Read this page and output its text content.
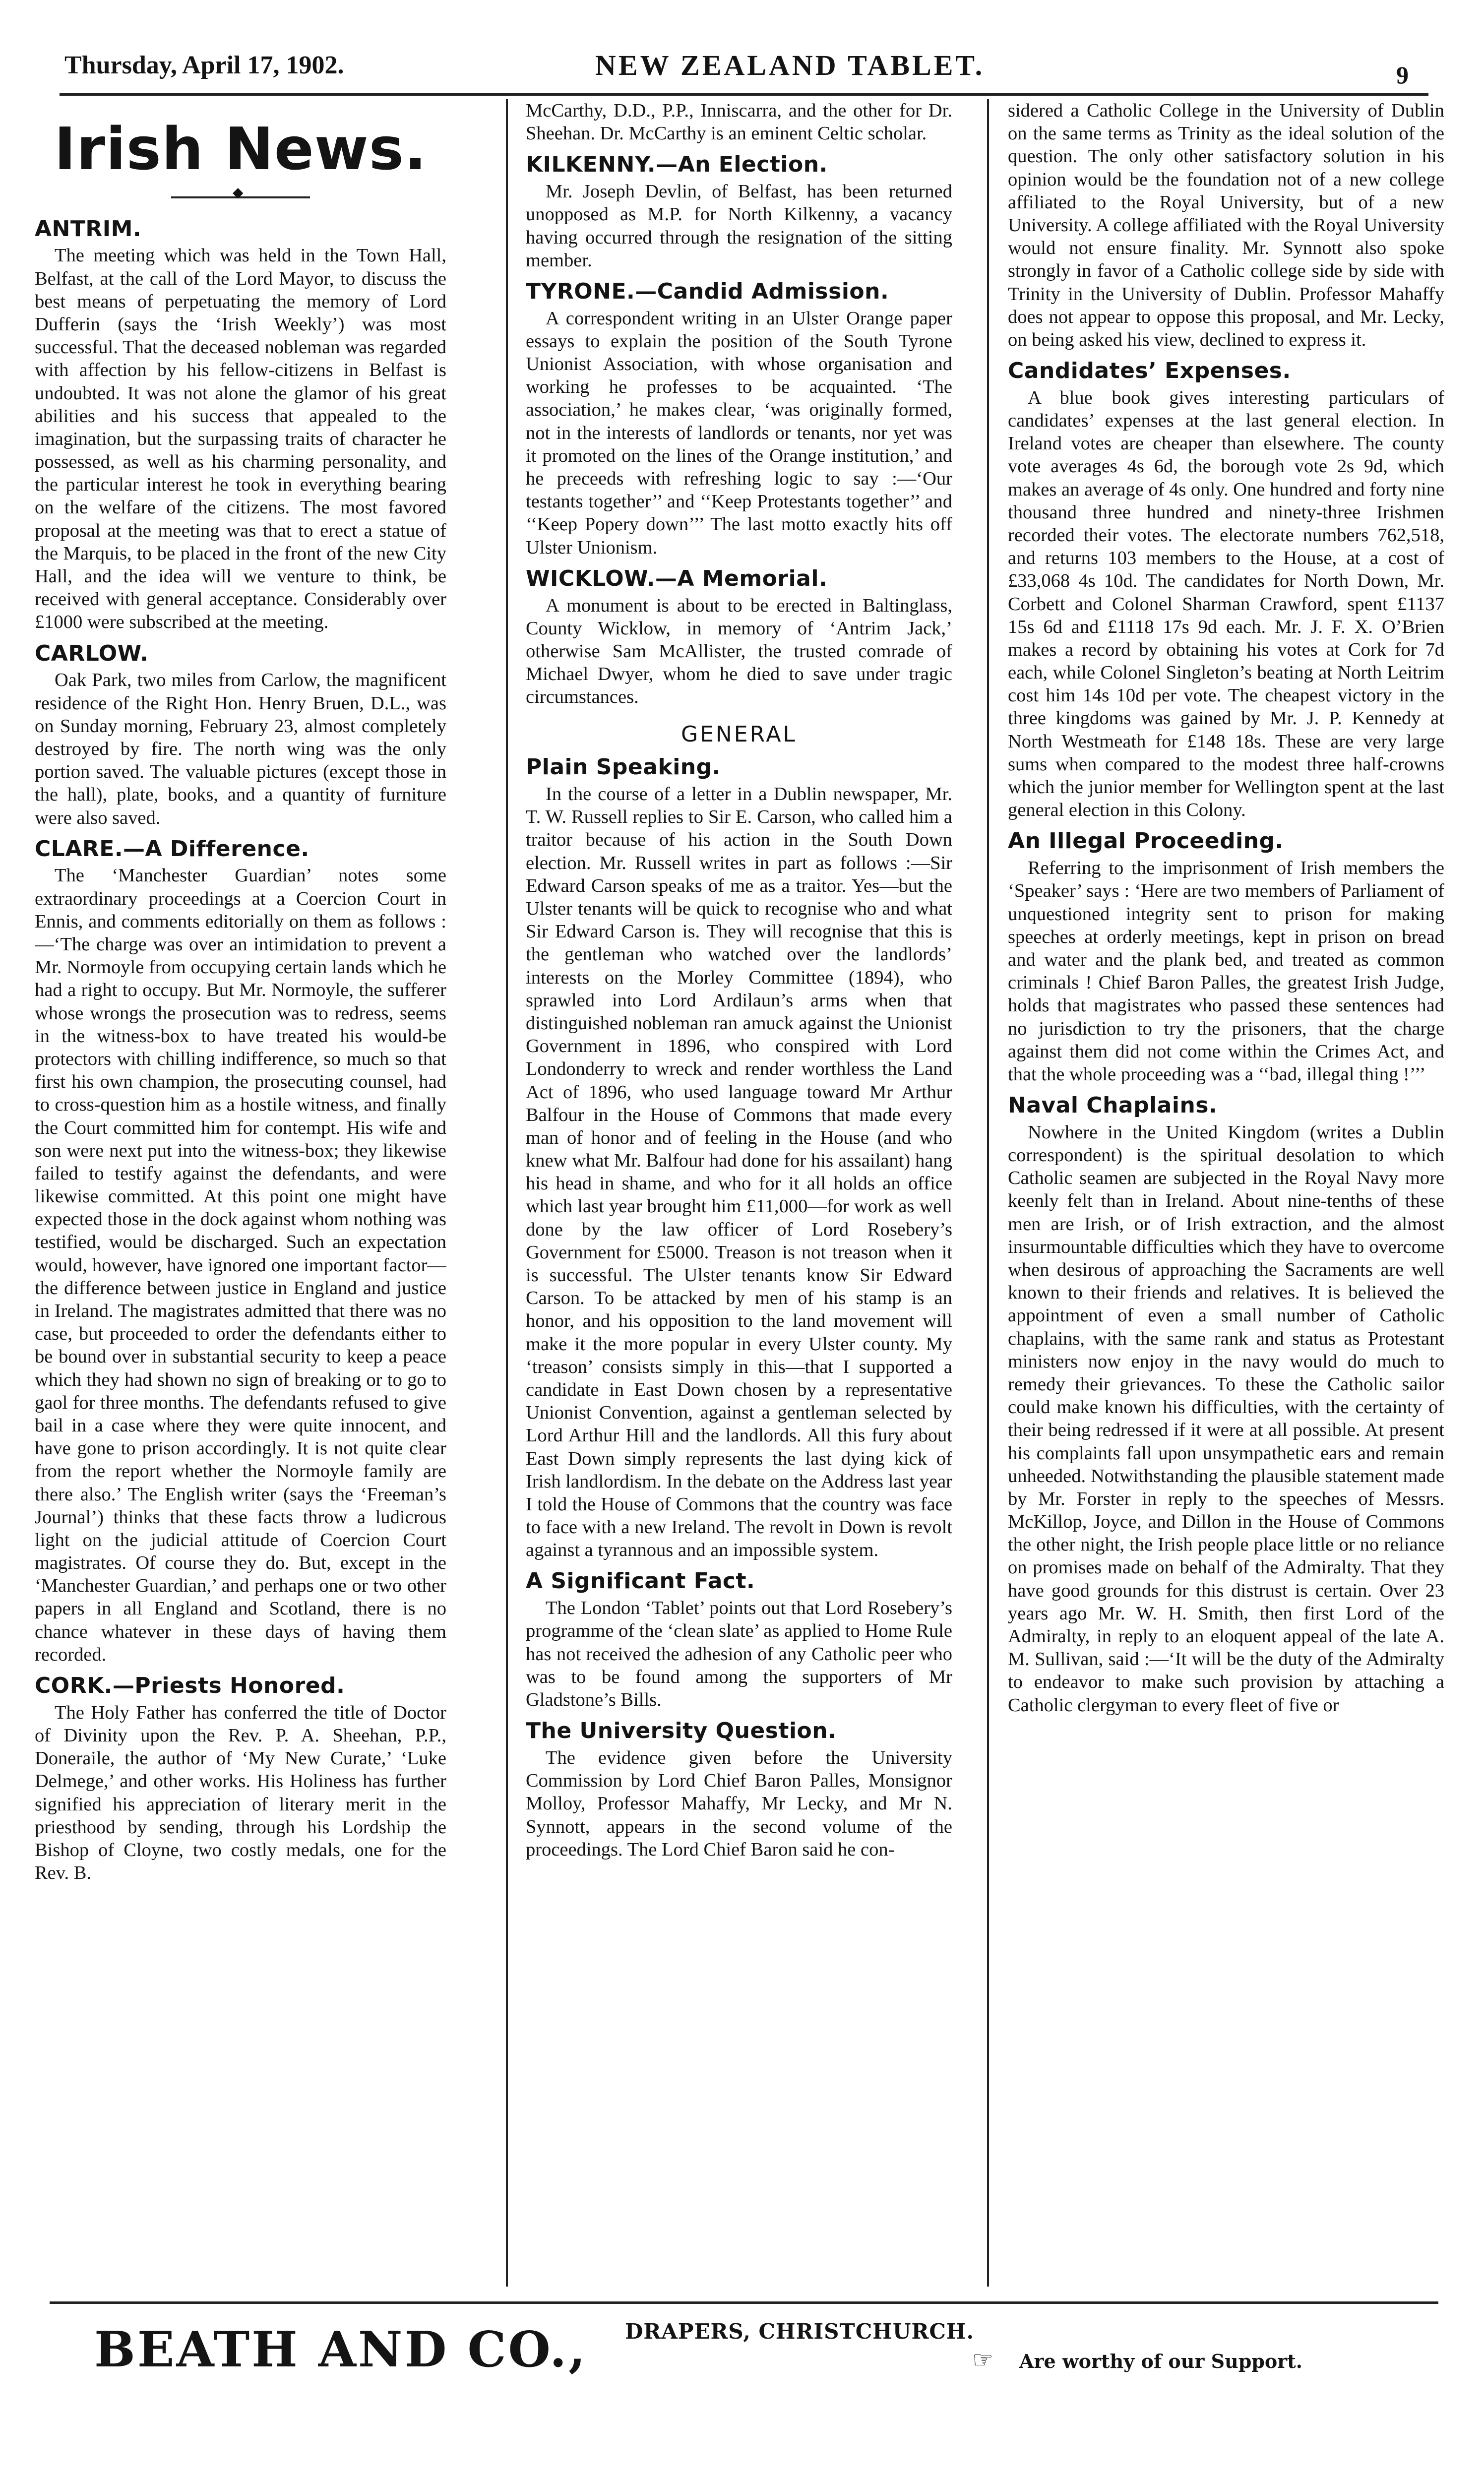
Thursday, April 17, 1902.	NEW ZEALAND TABLET.	9
Irish News.
◆
ANTRIM.

The meeting which was held in the Town Hall, Belfast, at the call of the Lord Mayor, to discuss the best means of perpetuating the memory of Lord Dufferin (says the ‘Irish Weekly’) was most successful. That the deceased nobleman was regarded with affection by his fellow-citizens in Belfast is undoubted. It was not alone the glamor of his great abilities and his success that appealed to the imagination, but the surpassing traits of character he possessed, as well as his charming personality, and the particular interest he took in everything bearing on the welfare of the citizens. The most favored proposal at the meeting was that to erect a statue of the Marquis, to be placed in the front of the new City Hall, and the idea will we venture to think, be received with general acceptance. Considerably over £1000 were subscribed at the meeting.

CARLOW.

Oak Park, two miles from Carlow, the magnificent residence of the Right Hon. Henry Bruen, D.L., was on Sunday morning, February 23, almost completely destroyed by fire. The north wing was the only portion saved. The valuable pictures (except those in the hall), plate, books, and a quantity of furniture were also saved.

CLARE.—A Difference.

The ‘Manchester Guardian’ notes some extraordinary proceedings at a Coercion Court in Ennis, and comments editorially on them as follows :—‘The charge was over an intimidation to prevent a Mr. Normoyle from occupying certain lands which he had a right to occupy. But Mr. Normoyle, the sufferer whose wrongs the prosecution was to redress, seems in the witness-box to have treated his would-be protectors with chilling indifference, so much so that first his own champion, the prosecuting counsel, had to cross-question him as a hostile witness, and finally the Court committed him for contempt. His wife and son were next put into the witness-box; they likewise failed to testify against the defendants, and were likewise committed. At this point one might have expected those in the dock against whom nothing was testified, would be discharged. Such an expectation would, however, have ignored one important factor—the difference between justice in England and justice in Ireland. The magistrates admitted that there was no case, but proceeded to order the defendants either to be bound over in substantial security to keep a peace which they had shown no sign of breaking or to go to gaol for three months. The defendants refused to give bail in a case where they were quite innocent, and have gone to prison accordingly. It is not quite clear from the report whether the Normoyle family are there also.’ The English writer (says the ‘Freeman’s Journal’) thinks that these facts throw a ludicrous light on the judicial attitude of Coercion Court magistrates. Of course they do. But, except in the ‘Manchester Guardian,’ and perhaps one or two other papers in all England and Scotland, there is no chance whatever in these days of having them recorded.

CORK.—Priests Honored.

The Holy Father has conferred the title of Doctor of Divinity upon the Rev. P. A. Sheehan, P.P., Doneraile, the author of ‘My New Curate,’ ‘Luke Delmege,’ and other works. His Holiness has further signified his appreciation of literary merit in the priesthood by sending, through his Lordship the Bishop of Cloyne, two costly medals, one for the Rev. B.

McCarthy, D.D., P.P., Inniscarra, and the other for Dr. Sheehan. Dr. McCarthy is an eminent Celtic scholar.

KILKENNY.—An Election.

Mr. Joseph Devlin, of Belfast, has been returned unopposed as M.P. for North Kilkenny, a vacancy having occurred through the resignation of the sitting member.

TYRONE.—Candid Admission.

A correspondent writing in an Ulster Orange paper essays to explain the position of the South Tyrone Unionist Association, with whose organisation and working he professes to be acquainted. ‘The association,’ he makes clear, ‘was originally formed, not in the interests of landlords or tenants, nor yet was it promoted on the lines of the Orange institution,’ and he preceeds with refreshing logic to say :—‘Our testants together’’ and ‘‘Keep Protestants together’’ and ‘‘Keep Popery down’’’ The last motto exactly hits off Ulster Unionism.

WICKLOW.—A Memorial.

A monument is about to be erected in Baltinglass, County Wicklow, in memory of ‘Antrim Jack,’ otherwise Sam McAllister, the trusted comrade of Michael Dwyer, whom he died to save under tragic circumstances.

GENERAL
Plain Speaking.

In the course of a letter in a Dublin newspaper, Mr. T. W. Russell replies to Sir E. Carson, who called him a traitor because of his action in the South Down election. Mr. Russell writes in part as follows :—Sir Edward Carson speaks of me as a traitor. Yes—but the Ulster tenants will be quick to recognise who and what Sir Edward Carson is. They will recognise that this is the gentleman who watched over the landlords’ interests on the Morley Committee (1894), who sprawled into Lord Ardilaun’s arms when that distinguished nobleman ran amuck against the Unionist Government in 1896, who conspired with Lord Londonderry to wreck and render worthless the Land Act of 1896, who used language toward Mr Arthur Balfour in the House of Commons that made every man of honor and of feeling in the House (and who knew what Mr. Balfour had done for his assailant) hang his head in shame, and who for it all holds an office which last year brought him £11,000—for work as well done by the law officer of Lord Rosebery’s Government for £5000. Treason is not treason when it is successful. The Ulster tenants know Sir Edward Carson. To be attacked by men of his stamp is an honor, and his opposition to the land movement will make it the more popular in every Ulster county. My ‘treason’ consists simply in this—that I supported a candidate in East Down chosen by a representative Unionist Convention, against a gentleman selected by Lord Arthur Hill and the landlords. All this fury about East Down simply represents the last dying kick of Irish landlordism. In the debate on the Address last year I told the House of Commons that the country was face to face with a new Ireland. The revolt in Down is revolt against a tyrannous and an impossible system.

A Significant Fact.

The London ‘Tablet’ points out that Lord Rosebery’s programme of the ‘clean slate’ as applied to Home Rule has not received the adhesion of any Catholic peer who was to be found among the supporters of Mr Gladstone’s Bills.

The University Question.

The evidence given before the University Commission by Lord Chief Baron Palles, Monsignor Molloy, Professor Mahaffy, Mr Lecky, and Mr N. Synnott, appears in the second volume of the proceedings. The Lord Chief Baron said he con-

sidered a Catholic College in the University of Dublin on the same terms as Trinity as the ideal solution of the question. The only other satisfactory solution in his opinion would be the foundation not of a new college affiliated to the Royal University, but of a new University. A college affiliated with the Royal University would not ensure finality. Mr. Synnott also spoke strongly in favor of a Catholic college side by side with Trinity in the University of Dublin. Professor Mahaffy does not appear to oppose this proposal, and Mr. Lecky, on being asked his view, declined to express it.

Candidates’ Expenses.

A blue book gives interesting particulars of candidates’ expenses at the last general election. In Ireland votes are cheaper than elsewhere. The county vote averages 4s 6d, the borough vote 2s 9d, which makes an average of 4s only. One hundred and forty nine thousand three hundred and ninety-three Irishmen recorded their votes. The electorate numbers 762,518, and returns 103 members to the House, at a cost of £33,068 4s 10d. The candidates for North Down, Mr. Corbett and Colonel Sharman Crawford, spent £1137 15s 6d and £1118 17s 9d each. Mr. J. F. X. O’Brien makes a record by obtaining his votes at Cork for 7d each, while Colonel Singleton’s beating at North Leitrim cost him 14s 10d per vote. The cheapest victory in the three kingdoms was gained by Mr. J. P. Kennedy at North Westmeath for £148 18s. These are very large sums when compared to the modest three half-crowns which the junior member for Wellington spent at the last general election in this Colony.

An Illegal Proceeding.

Referring to the imprisonment of Irish members the ‘Speaker’ says : ‘Here are two members of Parliament of unquestioned integrity sent to prison for making speeches at orderly meetings, kept in prison on bread and water and the plank bed, and treated as common criminals ! Chief Baron Palles, the greatest Irish Judge, holds that magistrates who passed these sentences had no jurisdiction to try the prisoners, that the charge against them did not come within the Crimes Act, and that the whole proceeding was a ‘‘bad, illegal thing !’’’

Naval Chaplains.

Nowhere in the United Kingdom (writes a Dublin correspondent) is the spiritual desolation to which Catholic seamen are subjected in the Royal Navy more keenly felt than in Ireland. About nine-tenths of these men are Irish, or of Irish extraction, and the almost insurmountable difficulties which they have to overcome when desirous of approaching the Sacraments are well known to their friends and relatives. It is believed the appointment of even a small number of Catholic chaplains, with the same rank and status as Protestant ministers now enjoy in the navy would do much to remedy their grievances. To these the Catholic sailor could make known his difficulties, with the certainty of their being redressed if it were at all possible. At present his complaints fall upon unsympathetic ears and remain unheeded. Notwithstanding the plausible statement made by Mr. Forster in reply to the speeches of Messrs. McKillop, Joyce, and Dillon in the House of Commons the other night, the Irish people place little or no reliance on promises made on behalf of the Admiralty. That they have good grounds for this distrust is certain. Over 23 years ago Mr. W. H. Smith, then first Lord of the Admiralty, in reply to an eloquent appeal of the late A. M. Sullivan, said :—‘It will be the duty of the Admiralty to endeavor to make such provision by attaching a Catholic clergyman to every fleet of five or

BEATH AND CO., DRAPERS, CHRISTCHURCH.
☞ Are worthy of our Support.
